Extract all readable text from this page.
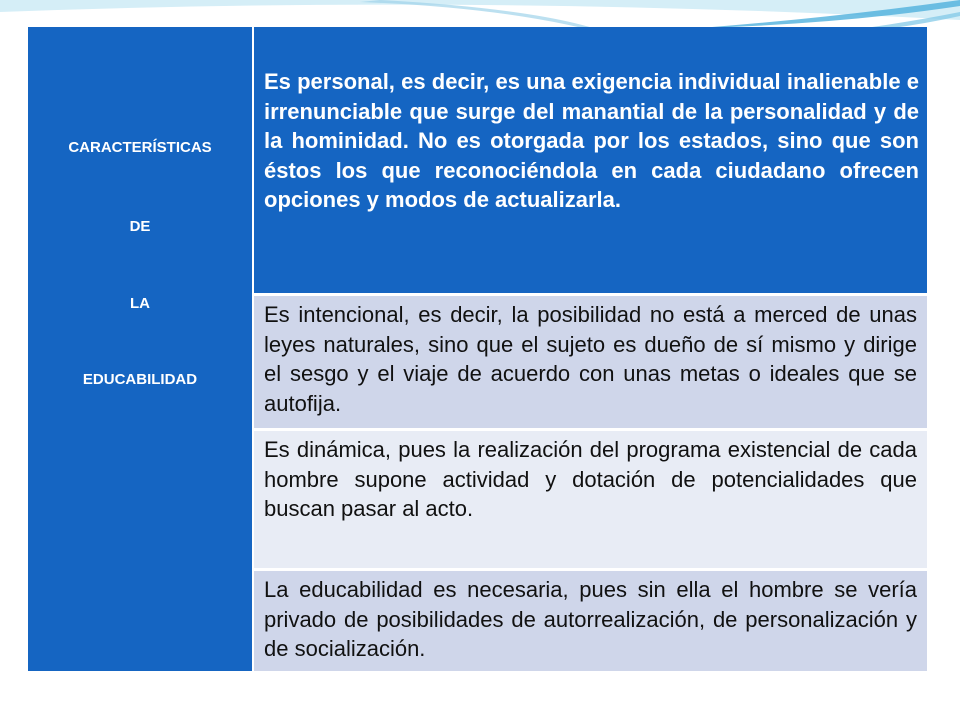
CARACTERÍSTICAS
DE
LA
EDUCABILIDAD
Es personal, es decir, es una exigencia individual inalienable e irrenunciable que surge del manantial de la personalidad y de la hominidad. No es otorgada por los estados, sino que son éstos los que reconociéndola en cada ciudadano ofrecen opciones y modos de actualizarla.
Es intencional, es decir, la posibilidad no está a merced de unas leyes naturales, sino que el sujeto es dueño de sí mismo y dirige el sesgo y el viaje de acuerdo con unas metas o ideales que se autofija.
Es dinámica, pues la realización del programa existencial de cada hombre supone actividad y dotación de potencialidades que buscan pasar al acto.
La educabilidad es necesaria, pues sin ella el hombre se vería privado de posibilidades de autorrealización, de personalización y de socialización.
